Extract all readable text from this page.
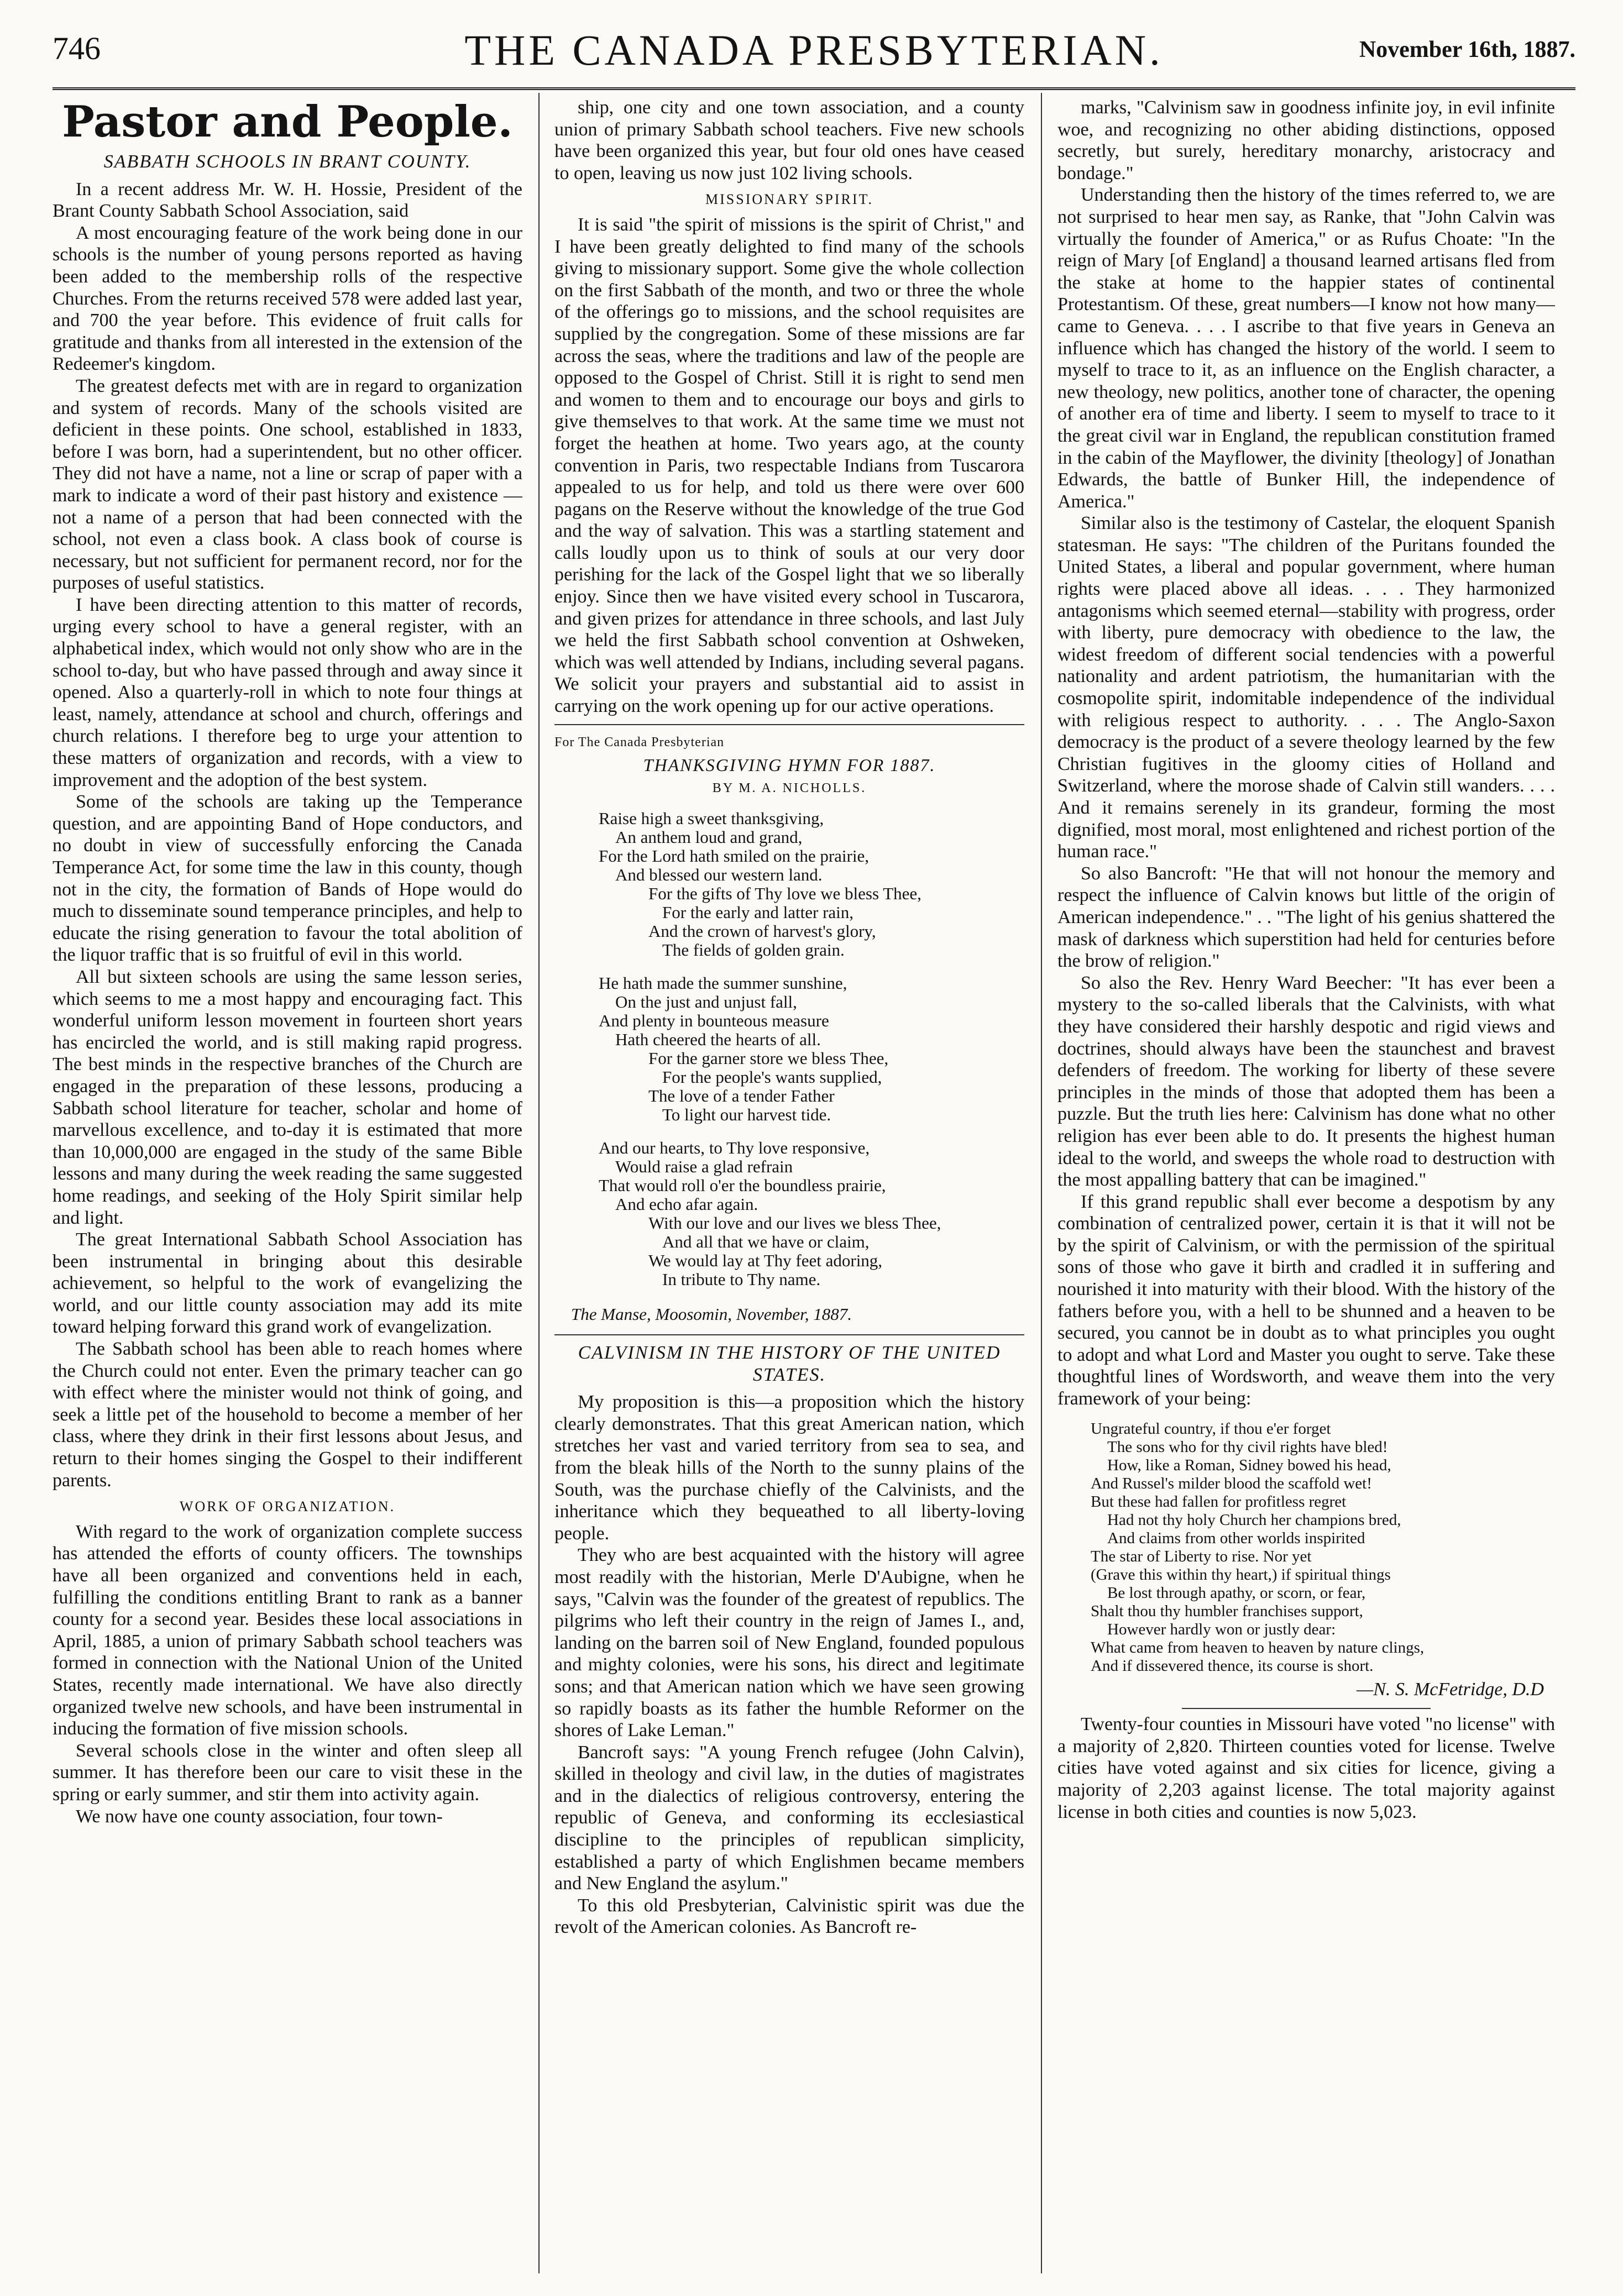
746	THE CANADA PRESBYTERIAN.	November 16th, 1887.
Pastor and People.
SABBATH SCHOOLS IN BRANT COUNTY.

In a recent address Mr. W. H. Hossie, President of the Brant County Sabbath School Association, said

A most encouraging feature of the work being done in our schools is the number of young persons reported as having been added to the membership rolls of the respective Churches. From the returns received 578 were added last year, and 700 the year before. This evidence of fruit calls for gratitude and thanks from all interested in the extension of the Redeemer's kingdom.

The greatest defects met with are in regard to organization and system of records. Many of the schools visited are deficient in these points. One school, established in 1833, before I was born, had a superintendent, but no other officer. They did not have a name, not a line or scrap of paper with a mark to indicate a word of their past history and existence —not a name of a person that had been connected with the school, not even a class book. A class book of course is necessary, but not sufficient for permanent record, nor for the purposes of useful statistics.

I have been directing attention to this matter of records, urging every school to have a general register, with an alphabetical index, which would not only show who are in the school to-day, but who have passed through and away since it opened. Also a quarterly-roll in which to note four things at least, namely, attendance at school and church, offerings and church relations. I therefore beg to urge your attention to these matters of organization and records, with a view to improvement and the adoption of the best system.

Some of the schools are taking up the Temperance question, and are appointing Band of Hope conductors, and no doubt in view of successfully enforcing the Canada Temperance Act, for some time the law in this county, though not in the city, the formation of Bands of Hope would do much to disseminate sound temperance principles, and help to educate the rising generation to favour the total abolition of the liquor traffic that is so fruitful of evil in this world.

All but sixteen schools are using the same lesson series, which seems to me a most happy and encouraging fact. This wonderful uniform lesson movement in fourteen short years has encircled the world, and is still making rapid progress. The best minds in the respective branches of the Church are engaged in the preparation of these lessons, producing a Sabbath school literature for teacher, scholar and home of marvellous excellence, and to-day it is estimated that more than 10,000,000 are engaged in the study of the same Bible lessons and many during the week reading the same suggested home readings, and seeking of the Holy Spirit similar help and light.

The great International Sabbath School Association has been instrumental in bringing about this desirable achievement, so helpful to the work of evangelizing the world, and our little county association may add its mite toward helping forward this grand work of evangelization.

The Sabbath school has been able to reach homes where the Church could not enter. Even the primary teacher can go with effect where the minister would not think of going, and seek a little pet of the household to become a member of her class, where they drink in their first lessons about Jesus, and return to their homes singing the Gospel to their indifferent parents.

WORK OF ORGANIZATION.

With regard to the work of organization complete success has attended the efforts of county officers. The townships have all been organized and conventions held in each, fulfilling the conditions entitling Brant to rank as a banner county for a second year. Besides these local associations in April, 1885, a union of primary Sabbath school teachers was formed in connection with the National Union of the United States, recently made international. We have also directly organized twelve new schools, and have been instrumental in inducing the formation of five mission schools.

Several schools close in the winter and often sleep all summer. It has therefore been our care to visit these in the spring or early summer, and stir them into activity again.

We now have one county association, four town-

ship, one city and one town association, and a county union of primary Sabbath school teachers. Five new schools have been organized this year, but four old ones have ceased to open, leaving us now just 102 living schools.

MISSIONARY SPIRIT.

It is said "the spirit of missions is the spirit of Christ," and I have been greatly delighted to find many of the schools giving to missionary support. Some give the whole collection on the first Sabbath of the month, and two or three the whole of the offerings go to missions, and the school requisites are supplied by the congregation. Some of these missions are far across the seas, where the traditions and law of the people are opposed to the Gospel of Christ. Still it is right to send men and women to them and to encourage our boys and girls to give themselves to that work. At the same time we must not forget the heathen at home. Two years ago, at the county convention in Paris, two respectable Indians from Tuscarora appealed to us for help, and told us there were over 600 pagans on the Reserve without the knowledge of the true God and the way of salvation. This was a startling statement and calls loudly upon us to think of souls at our very door perishing for the lack of the Gospel light that we so liberally enjoy. Since then we have visited every school in Tuscarora, and given prizes for attendance in three schools, and last July we held the first Sabbath school convention at Oshweken, which was well attended by Indians, including several pagans. We solicit your prayers and substantial aid to assist in carrying on the work opening up for our active operations.

For The Canada Presbyterian
THANKSGIVING HYMN FOR 1887.
BY M. A. NICHOLLS.
Raise high a sweet thanksgiving,
An anthem loud and grand,
For the Lord hath smiled on the prairie,
And blessed our western land.
For the gifts of Thy love we bless Thee,
For the early and latter rain,
And the crown of harvest's glory,
The fields of golden grain.
He hath made the summer sunshine,
On the just and unjust fall,
And plenty in bounteous measure
Hath cheered the hearts of all.
For the garner store we bless Thee,
For the people's wants supplied,
The love of a tender Father
To light our harvest tide.
And our hearts, to Thy love responsive,
Would raise a glad refrain
That would roll o'er the boundless prairie,
And echo afar again.
With our love and our lives we bless Thee,
And all that we have or claim,
We would lay at Thy feet adoring,
In tribute to Thy name.
The Manse, Moosomin, November, 1887.
CALVINISM IN THE HISTORY OF THE UNITED STATES.

My proposition is this—a proposition which the history clearly demonstrates. That this great American nation, which stretches her vast and varied territory from sea to sea, and from the bleak hills of the North to the sunny plains of the South, was the purchase chiefly of the Calvinists, and the inheritance which they bequeathed to all liberty-loving people.

They who are best acquainted with the history will agree most readily with the historian, Merle D'Aubigne, when he says, "Calvin was the founder of the greatest of republics. The pilgrims who left their country in the reign of James I., and, landing on the barren soil of New England, founded populous and mighty colonies, were his sons, his direct and legitimate sons; and that American nation which we have seen growing so rapidly boasts as its father the humble Reformer on the shores of Lake Leman."

Bancroft says: "A young French refugee (John Calvin), skilled in theology and civil law, in the duties of magistrates and in the dialectics of religious controversy, entering the republic of Geneva, and conforming its ecclesiastical discipline to the principles of republican simplicity, established a party of which Englishmen became members and New England the asylum."

To this old Presbyterian, Calvinistic spirit was due the revolt of the American colonies. As Bancroft re-

marks, "Calvinism saw in goodness infinite joy, in evil infinite woe, and recognizing no other abiding distinctions, opposed secretly, but surely, hereditary monarchy, aristocracy and bondage."

Understanding then the history of the times referred to, we are not surprised to hear men say, as Ranke, that "John Calvin was virtually the founder of America," or as Rufus Choate: "In the reign of Mary [of England] a thousand learned artisans fled from the stake at home to the happier states of continental Protestantism. Of these, great numbers—I know not how many—came to Geneva. . . . I ascribe to that five years in Geneva an influence which has changed the history of the world. I seem to myself to trace to it, as an influence on the English character, a new theology, new politics, another tone of character, the opening of another era of time and liberty. I seem to myself to trace to it the great civil war in England, the republican constitution framed in the cabin of the Mayflower, the divinity [theology] of Jonathan Edwards, the battle of Bunker Hill, the independence of America."

Similar also is the testimony of Castelar, the eloquent Spanish statesman. He says: "The children of the Puritans founded the United States, a liberal and popular government, where human rights were placed above all ideas. . . . They harmonized antagonisms which seemed eternal—stability with progress, order with liberty, pure democracy with obedience to the law, the widest freedom of different social tendencies with a powerful nationality and ardent patriotism, the humanitarian with the cosmopolite spirit, indomitable independence of the individual with religious respect to authority. . . . The Anglo-Saxon democracy is the product of a severe theology learned by the few Christian fugitives in the gloomy cities of Holland and Switzerland, where the morose shade of Calvin still wanders. . . . And it remains serenely in its grandeur, forming the most dignified, most moral, most enlightened and richest portion of the human race."

So also Bancroft: "He that will not honour the memory and respect the influence of Calvin knows but little of the origin of American independence." . . "The light of his genius shattered the mask of darkness which superstition had held for centuries before the brow of religion."

So also the Rev. Henry Ward Beecher: "It has ever been a mystery to the so-called liberals that the Calvinists, with what they have considered their harshly despotic and rigid views and doctrines, should always have been the staunchest and bravest defenders of freedom. The working for liberty of these severe principles in the minds of those that adopted them has been a puzzle. But the truth lies here: Calvinism has done what no other religion has ever been able to do. It presents the highest human ideal to the world, and sweeps the whole road to destruction with the most appalling battery that can be imagined."

If this grand republic shall ever become a despotism by any combination of centralized power, certain it is that it will not be by the spirit of Calvinism, or with the permission of the spiritual sons of those who gave it birth and cradled it in suffering and nourished it into maturity with their blood. With the history of the fathers before you, with a hell to be shunned and a heaven to be secured, you cannot be in doubt as to what principles you ought to adopt and what Lord and Master you ought to serve. Take these thoughtful lines of Wordsworth, and weave them into the very framework of your being:

Ungrateful country, if thou e'er forget
The sons who for thy civil rights have bled!
How, like a Roman, Sidney bowed his head,
And Russel's milder blood the scaffold wet!
But these had fallen for profitless regret
Had not thy holy Church her champions bred,
And claims from other worlds inspirited
The star of Liberty to rise. Nor yet
(Grave this within thy heart,) if spiritual things
Be lost through apathy, or scorn, or fear,
Shalt thou thy humbler franchises support,
However hardly won or justly dear:
What came from heaven to heaven by nature clings,
And if dissevered thence, its course is short.
—N. S. McFetridge, D.D

Twenty-four counties in Missouri have voted "no license" with a majority of 2,820. Thirteen counties voted for license. Twelve cities have voted against and six cities for licence, giving a majority of 2,203 against license. The total majority against license in both cities and counties is now 5,023.
